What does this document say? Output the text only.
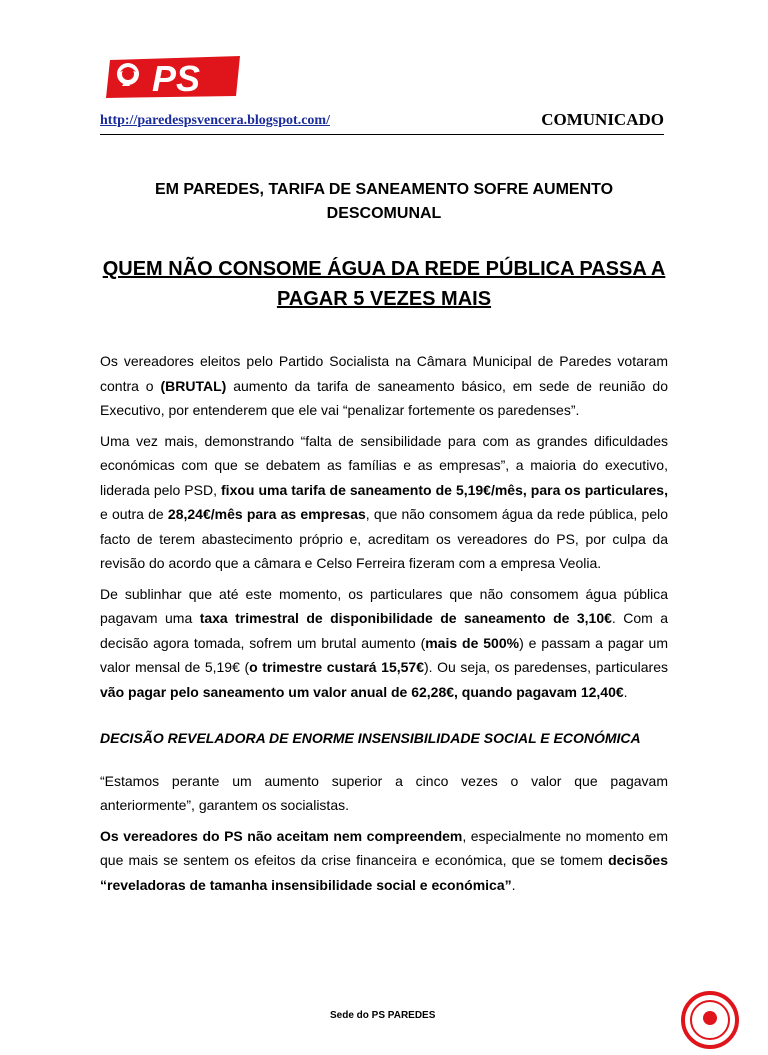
PS
http://paredespsvencera.blogspot.com/	COMUNICADO
EM PAREDES, TARIFA DE SANEAMENTO SOFRE AUMENTO DESCOMUNAL
QUEM NÃO CONSOME ÁGUA DA REDE PÚBLICA PASSA A PAGAR 5 VEZES MAIS

Os vereadores eleitos pelo Partido Socialista na Câmara Municipal de Paredes votaram contra o (BRUTAL) aumento da tarifa de saneamento básico, em sede de reunião do Executivo, por entenderem que ele vai “penalizar fortemente os paredenses”.

Uma vez mais, demonstrando “falta de sensibilidade para com as grandes dificuldades económicas com que se debatem as famílias e as empresas”, a maioria do executivo, liderada pelo PSD, fixou uma tarifa de saneamento de 5,19€/mês, para os particulares, e outra de 28,24€/mês para as empresas, que não consomem água da rede pública, pelo facto de terem abastecimento próprio e, acreditam os vereadores do PS, por culpa da revisão do acordo que a câmara e Celso Ferreira fizeram com a empresa Veolia.

De sublinhar que até este momento, os particulares que não consomem água pública pagavam uma taxa trimestral de disponibilidade de saneamento de 3,10€. Com a decisão agora tomada, sofrem um brutal aumento (mais de 500%) e passam a pagar um valor mensal de 5,19€ (o trimestre custará 15,57€). Ou seja, os paredenses, particulares vão pagar pelo saneamento um valor anual de 62,28€, quando pagavam 12,40€.

DECISÃO REVELADORA DE ENORME INSENSIBILIDADE SOCIAL E ECONÓMICA

“Estamos perante um aumento superior a cinco vezes o valor que pagavam anteriormente”, garantem os socialistas.

Os vereadores do PS não aceitam nem compreendem, especialmente no momento em que mais se sentem os efeitos da crise financeira e económica, que se tomem decisões “reveladoras de tamanha insensibilidade social e económica”.

Sede do PS PAREDES
